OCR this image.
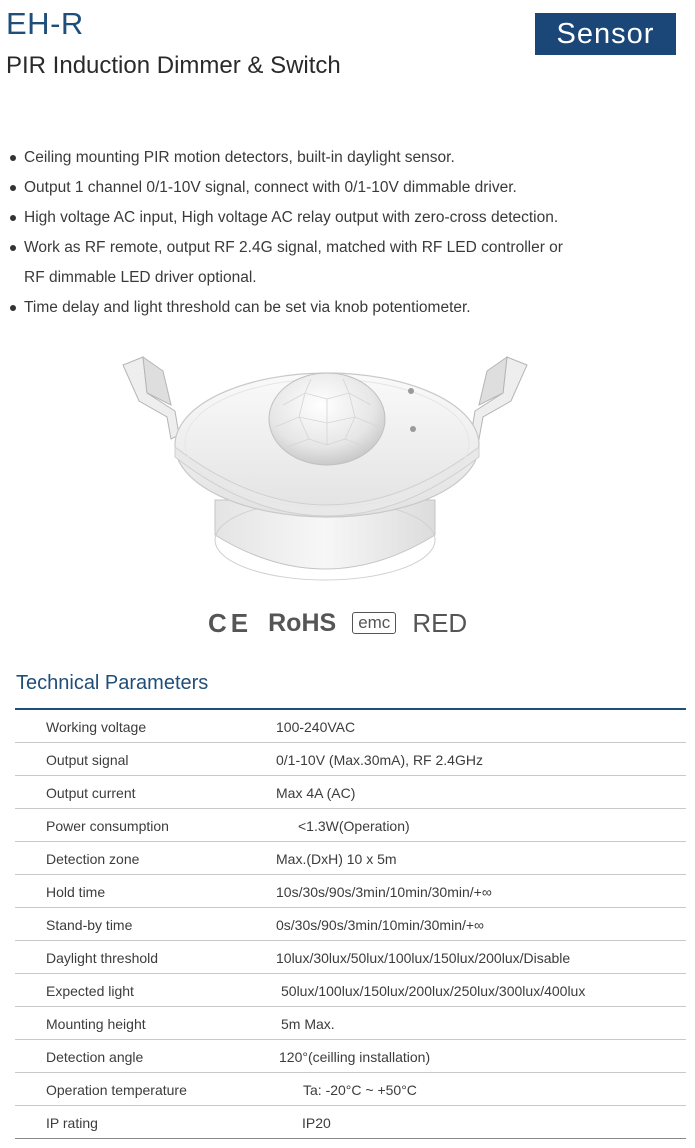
EH-R
PIR Induction Dimmer & Switch
Sensor
Ceiling mounting PIR motion detectors, built-in daylight sensor.
Output 1 channel 0/1-10V signal, connect with 0/1-10V dimmable driver.
High voltage AC input, High voltage AC relay output with zero-cross detection.
Work as RF remote, output RF 2.4G signal, matched with RF LED controller or
RF dimmable LED driver optional.
Time delay and light threshold can be set via knob potentiometer.
CE RoHS	emc RED
Technical Parameters
Working voltage	100-240VAC
Output signal	0/1-10V (Max.30mA), RF 2.4GHz
Output current	Max 4A (AC)
Power consumption	<1.3W(Operation)
Detection zone	Max.(DxH) 10 x 5m
Hold time	10s/30s/90s/3min/10min/30min/+∞
Stand-by time	0s/30s/90s/3min/10min/30min/+∞
Daylight threshold	10lux/30lux/50lux/100lux/150lux/200lux/Disable
Expected light	50lux/100lux/150lux/200lux/250lux/300lux/400lux
Mounting height	5m Max.
Detection angle	120°(ceilling installation)
Operation temperature	Ta: -20°C ~ +50°C
IP rating	IP20
